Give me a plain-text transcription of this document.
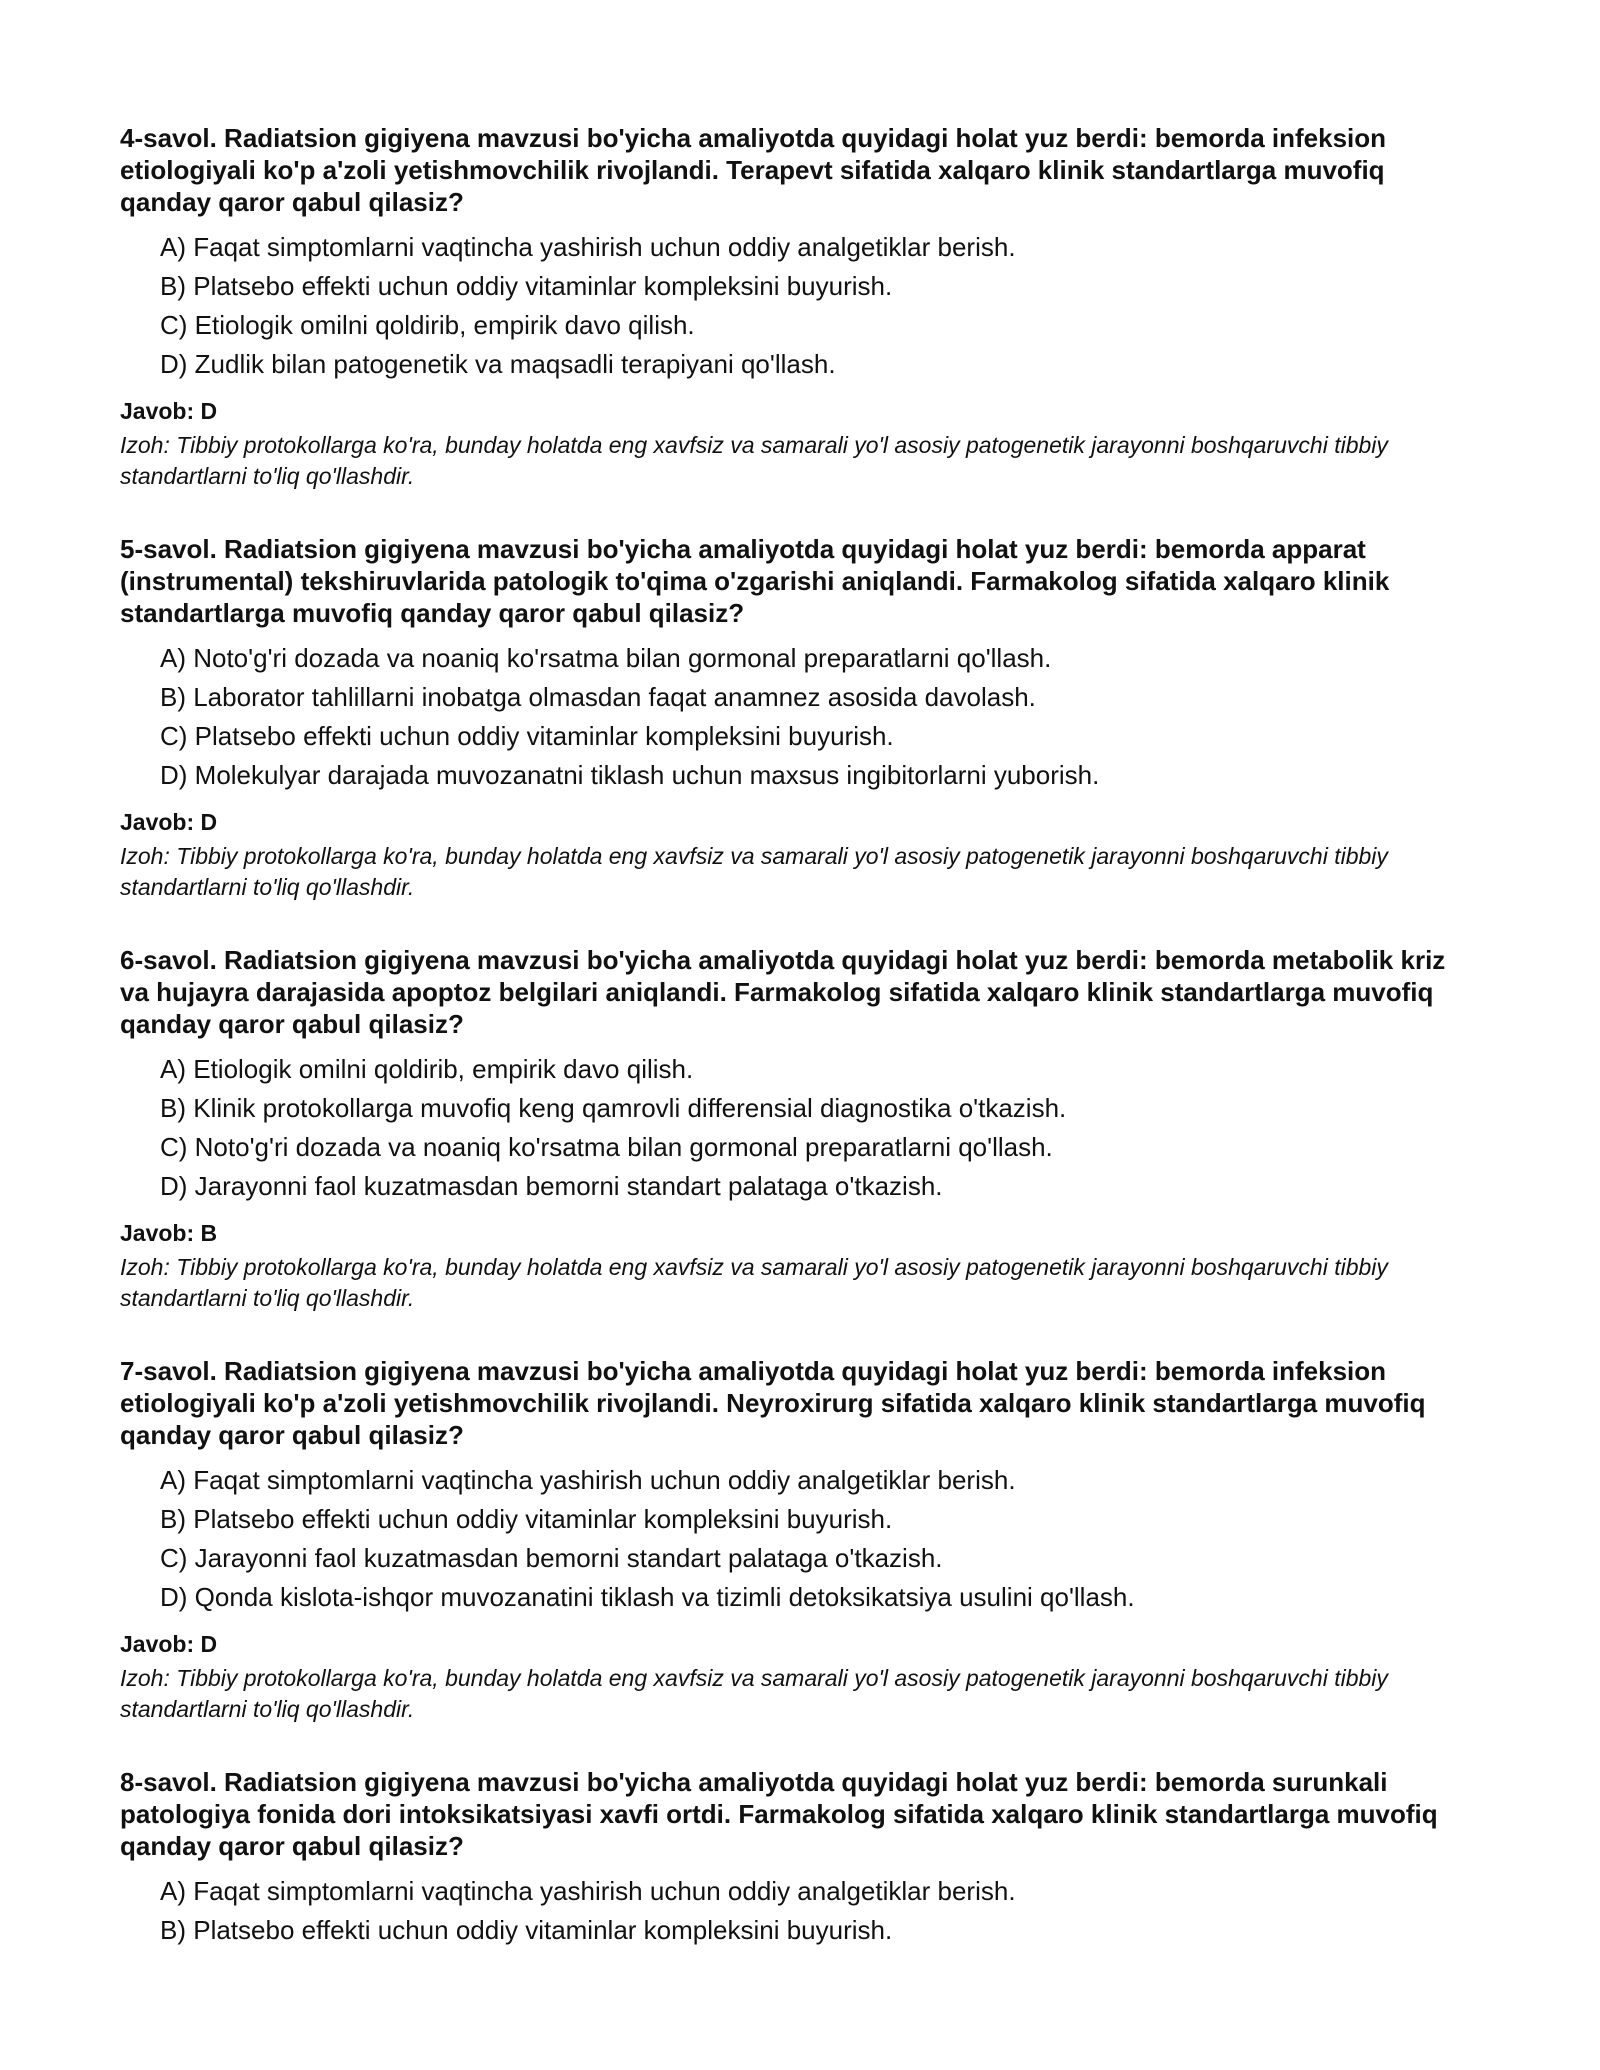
4-savol. Radiatsion gigiyena mavzusi bo'yicha amaliyotda quyidagi holat yuz berdi: bemorda infeksion etiologiyali ko'p a'zoli yetishmovchilik rivojlandi. Terapevt sifatida xalqaro klinik standartlarga muvofiq qanday qaror qabul qilasiz?

A) Faqat simptomlarni vaqtincha yashirish uchun oddiy analgetiklar berish.
B) Platsebo effekti uchun oddiy vitaminlar kompleksini buyurish.
C) Etiologik omilni qoldirib, empirik davo qilish.
D) Zudlik bilan patogenetik va maqsadli terapiyani qo'llash.

Javob: D

Izoh: Tibbiy protokollarga ko'ra, bunday holatda eng xavfsiz va samarali yo'l asosiy patogenetik jarayonni boshqaruvchi tibbiy standartlarni to'liq qo'llashdir.

5-savol. Radiatsion gigiyena mavzusi bo'yicha amaliyotda quyidagi holat yuz berdi: bemorda apparat (instrumental) tekshiruvlarida patologik to'qima o'zgarishi aniqlandi. Farmakolog sifatida xalqaro klinik standartlarga muvofiq qanday qaror qabul qilasiz?

A) Noto'g'ri dozada va noaniq ko'rsatma bilan gormonal preparatlarni qo'llash.
B) Laborator tahlillarni inobatga olmasdan faqat anamnez asosida davolash.
C) Platsebo effekti uchun oddiy vitaminlar kompleksini buyurish.
D) Molekulyar darajada muvozanatni tiklash uchun maxsus ingibitorlarni yuborish.

Javob: D

Izoh: Tibbiy protokollarga ko'ra, bunday holatda eng xavfsiz va samarali yo'l asosiy patogenetik jarayonni boshqaruvchi tibbiy standartlarni to'liq qo'llashdir.

6-savol. Radiatsion gigiyena mavzusi bo'yicha amaliyotda quyidagi holat yuz berdi: bemorda metabolik kriz va hujayra darajasida apoptoz belgilari aniqlandi. Farmakolog sifatida xalqaro klinik standartlarga muvofiq qanday qaror qabul qilasiz?

A) Etiologik omilni qoldirib, empirik davo qilish.
B) Klinik protokollarga muvofiq keng qamrovli differensial diagnostika o'tkazish.
C) Noto'g'ri dozada va noaniq ko'rsatma bilan gormonal preparatlarni qo'llash.
D) Jarayonni faol kuzatmasdan bemorni standart palataga o'tkazish.

Javob: B

Izoh: Tibbiy protokollarga ko'ra, bunday holatda eng xavfsiz va samarali yo'l asosiy patogenetik jarayonni boshqaruvchi tibbiy standartlarni to'liq qo'llashdir.

7-savol. Radiatsion gigiyena mavzusi bo'yicha amaliyotda quyidagi holat yuz berdi: bemorda infeksion etiologiyali ko'p a'zoli yetishmovchilik rivojlandi. Neyroxirurg sifatida xalqaro klinik standartlarga muvofiq qanday qaror qabul qilasiz?

A) Faqat simptomlarni vaqtincha yashirish uchun oddiy analgetiklar berish.
B) Platsebo effekti uchun oddiy vitaminlar kompleksini buyurish.
C) Jarayonni faol kuzatmasdan bemorni standart palataga o'tkazish.
D) Qonda kislota-ishqor muvozanatini tiklash va tizimli detoksikatsiya usulini qo'llash.

Javob: D

Izoh: Tibbiy protokollarga ko'ra, bunday holatda eng xavfsiz va samarali yo'l asosiy patogenetik jarayonni boshqaruvchi tibbiy standartlarni to'liq qo'llashdir.

8-savol. Radiatsion gigiyena mavzusi bo'yicha amaliyotda quyidagi holat yuz berdi: bemorda surunkali patologiya fonida dori intoksikatsiyasi xavfi ortdi. Farmakolog sifatida xalqaro klinik standartlarga muvofiq qanday qaror qabul qilasiz?

A) Faqat simptomlarni vaqtincha yashirish uchun oddiy analgetiklar berish.
B) Platsebo effekti uchun oddiy vitaminlar kompleksini buyurish.
